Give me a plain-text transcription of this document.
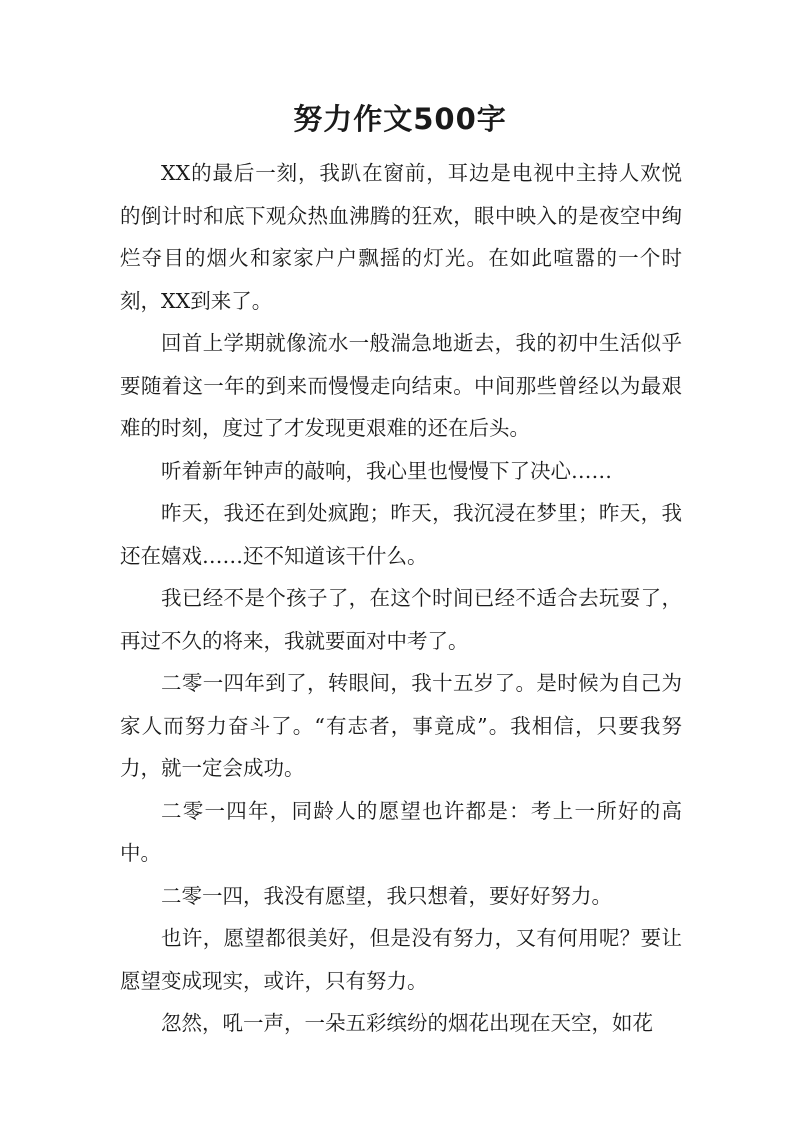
努力作文500字

XX的最后一刻，我趴在窗前，耳边是电视中主持人欢悦的倒计时和底下观众热血沸腾的狂欢，眼中映入的是夜空中绚烂夺目的烟火和家家户户飘摇的灯光。在如此喧嚣的一个时刻，XX到来了。

回首上学期就像流水一般湍急地逝去，我的初中生活似乎要随着这一年的到来而慢慢走向结束。中间那些曾经以为最艰难的时刻，度过了才发现更艰难的还在后头。

听着新年钟声的敲响，我心里也慢慢下了决心……

昨天，我还在到处疯跑；昨天，我沉浸在梦里；昨天，我还在嬉戏……还不知道该干什么。

我已经不是个孩子了，在这个时间已经不适合去玩耍了，再过不久的将来，我就要面对中考了。

二零一四年到了，转眼间，我十五岁了。是时候为自己为家人而努力奋斗了。“有志者，事竟成”。我相信，只要我努力，就一定会成功。

二零一四年，同龄人的愿望也许都是：考上一所好的高中。

二零一四，我没有愿望，我只想着，要好好努力。

也许，愿望都很美好，但是没有努力，又有何用呢？要让愿望变成现实，或许，只有努力。

忽然，吼一声，一朵五彩缤纷的烟花出现在天空，如花
